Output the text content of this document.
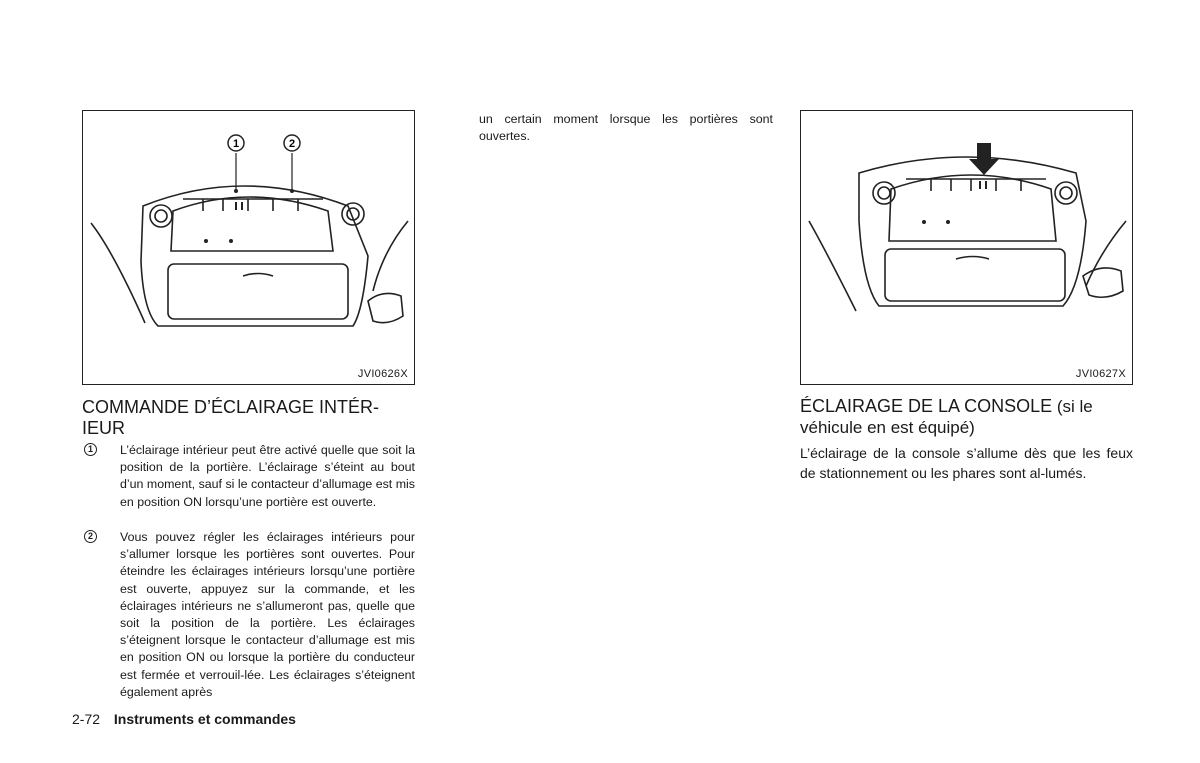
1	2
JVI0626X	JVI0627X
COMMANDE D’ÉCLAIRAGE INTÉR-
IEUR
1	L’éclairage intérieur peut être activé quelle que soit la position de la portière. L’éclairage s’éteint au bout d’un moment, sauf si le contacteur d’allumage est mis en position ON lorsqu’une portière est ouverte.

2	Vous pouvez régler les éclairages intérieurs pour s’allumer lorsque les portières sont ouvertes. Pour éteindre les éclairages intérieurs lorsqu’une portière est ouverte, appuyez sur la commande, et les éclairages intérieurs ne s’allumeront pas, quelle que soit la position de la portière. Les éclairages s’éteignent lorsque le contacteur d’allumage est mis en position ON ou lorsque la portière du conducteur est fermée et verrouil-lée. Les éclairages s’éteignent également après

un certain moment lorsque les portières sont ouvertes.

ÉCLAIRAGE DE LA CONSOLE (si le véhicule en est équipé)

L’éclairage de la console s’allume dès que les feux de stationnement ou les phares sont al-lumés.

2-72 Instruments et commandes
